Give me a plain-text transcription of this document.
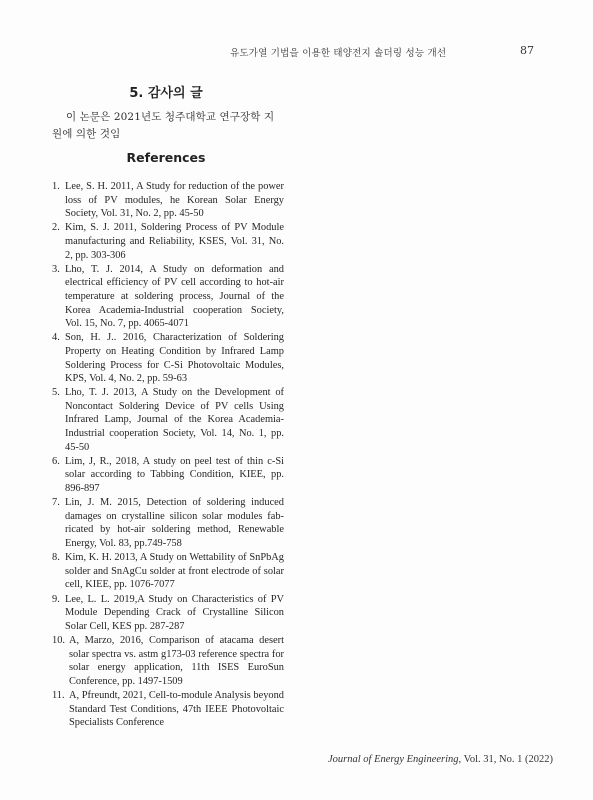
유도가열 기법을 이용한 태양전지 솔더링 성능 개선	87
5. 감사의 글
이 논문은 2021년도 청주대학교 연구장학 지원에 의한 것임
References
1. Lee, S. H. 2011, A Study for reduction of the power loss of PV modules, he Korean Solar Energy Society, Vol. 31, No. 2, pp. 45-50
2. Kim, S. J. 2011, Soldering Process of PV Module manufacturing and Reliability, KSES, Vol. 31, No. 2, pp. 303-306
3. Lho, T. J. 2014, A Study on deformation and electrical efficiency of PV cell according to hot-air temperature at soldering process, Journal of the Korea Academia-Industrial cooperation Society, Vol. 15, No. 7, pp. 4065-4071
4. Son, H. J.. 2016, Characterization of Soldering Property on Heating Condition by Infrared Lamp Soldering Process for C-Si Photovoltaic Modules, KPS, Vol. 4, No. 2, pp. 59-63
5. Lho, T. J. 2013, A Study on the Development of Noncontact Soldering Device of PV cells Using Infrared Lamp, Journal of the Korea Academia-Industrial cooperation Society, Vol. 14, No. 1, pp. 45-50
6. Lim, J, R., 2018, A study on peel test of thin c-Si solar according to Tabbing Condition, KIEE, pp. 896-897
7. Lin, J. M. 2015, Detection of soldering induced damages on crystalline silicon solar modules fabricated by hot-air soldering method, Renewable Energy, Vol. 83, pp.749-758
8. Kim, K. H. 2013, A Study on Wettability of SnPbAg solder and SnAgCu solder at front electrode of solar cell, KIEE, pp. 1076-7077
9. Lee, L. L. 2019,A Study on Characteristics of PV Module Depending Crack of Crystalline Silicon Solar Cell, KES pp. 287-287
10. A, Marzo, 2016, Comparison of atacama desert solar spectra vs. astm g173-03 reference spectra for solar energy application, 11th ISES EuroSun Conference, pp. 1497-1509
11. A, Pfreundt, 2021, Cell-to-module Analysis beyond Standard Test Conditions, 47th IEEE Photovoltaic Specialists Conference
Journal of Energy Engineering, Vol. 31, No. 1 (2022)
